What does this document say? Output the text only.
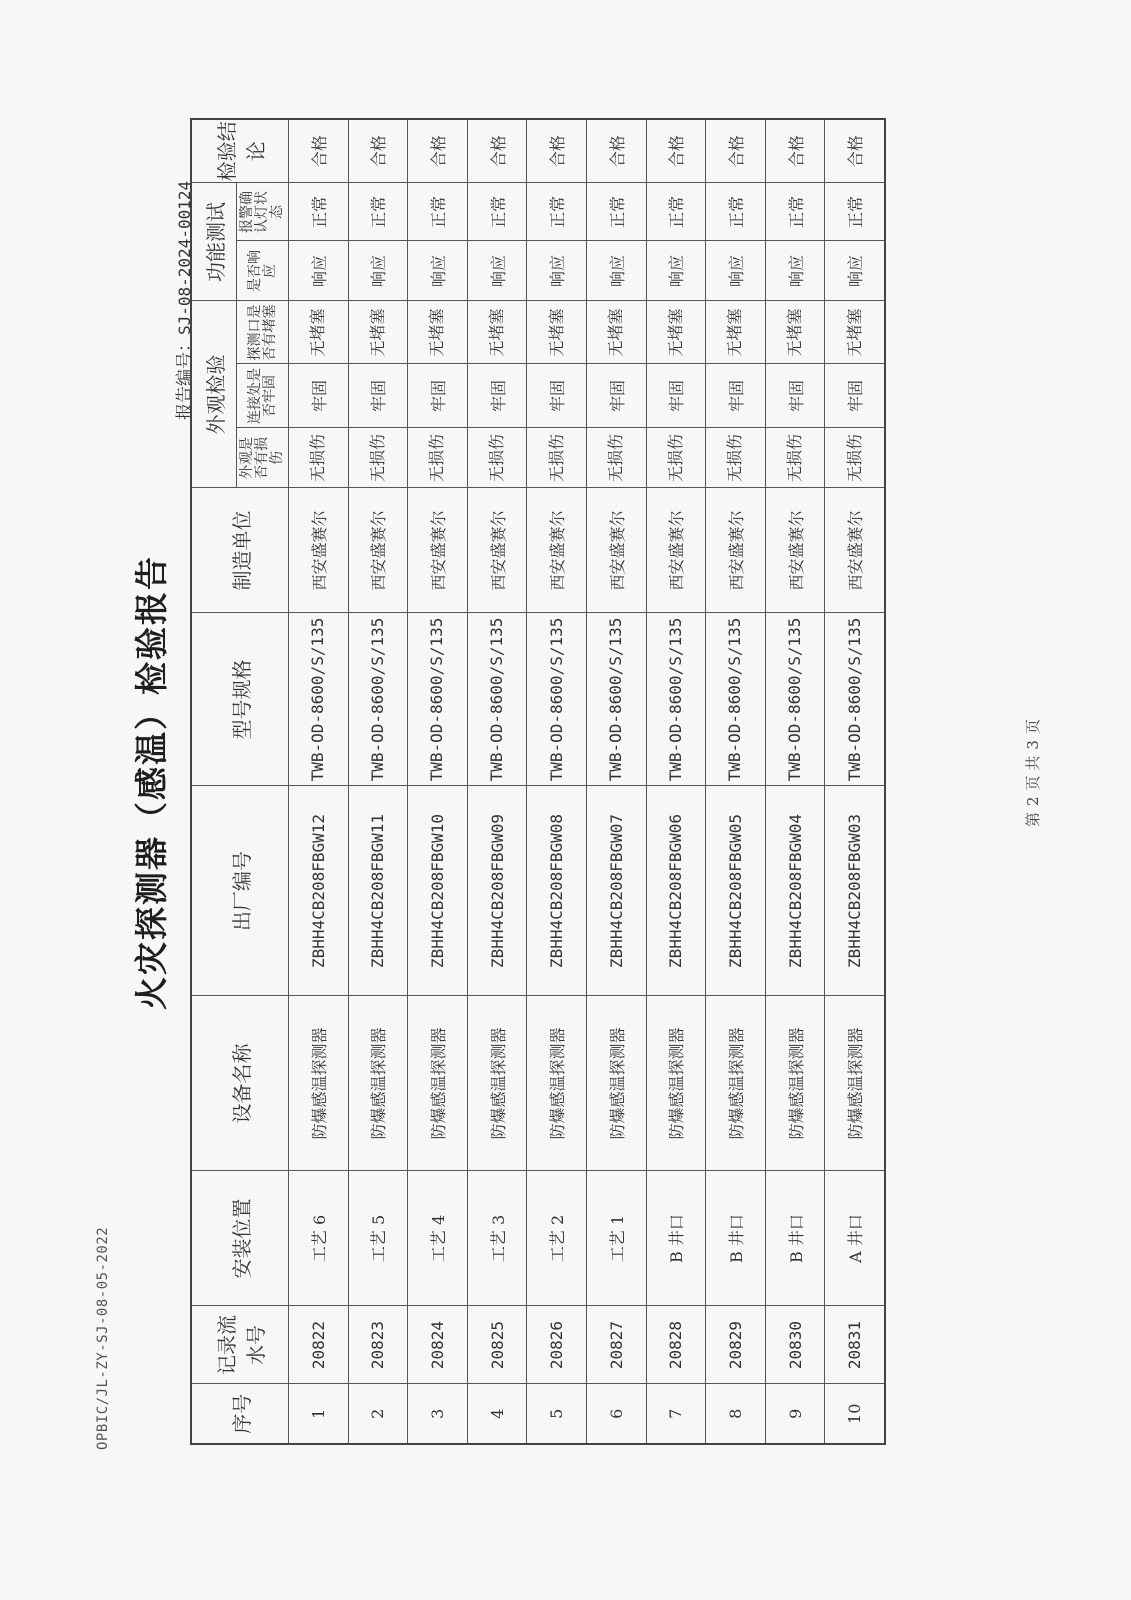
OPBIC/JL-ZY-SJ-08-05-2022
火灾探测器（感温）检验报告
报告编号：SJ-08-2024-00124
序号	记录流水号	安装位置	设备名称	出厂编号	型号规格	制造单位	外观检验			功能测试		检验结论
							外观是否有损伤	连接处是否牢固	探测口是否有堵塞	是否响应	报警确认灯状态	
1	20822	工艺 6	防爆感温探测器	ZBHH4CB208FBGW12	TWB-OD-8600/S/135	西安盛赛尔	无损伤	牢固	无堵塞	响应	正常	合格
2	20823	工艺 5	防爆感温探测器	ZBHH4CB208FBGW11	TWB-OD-8600/S/135	西安盛赛尔	无损伤	牢固	无堵塞	响应	正常	合格
3	20824	工艺 4	防爆感温探测器	ZBHH4CB208FBGW10	TWB-OD-8600/S/135	西安盛赛尔	无损伤	牢固	无堵塞	响应	正常	合格
4	20825	工艺 3	防爆感温探测器	ZBHH4CB208FBGW09	TWB-OD-8600/S/135	西安盛赛尔	无损伤	牢固	无堵塞	响应	正常	合格
5	20826	工艺 2	防爆感温探测器	ZBHH4CB208FBGW08	TWB-OD-8600/S/135	西安盛赛尔	无损伤	牢固	无堵塞	响应	正常	合格
6	20827	工艺 1	防爆感温探测器	ZBHH4CB208FBGW07	TWB-OD-8600/S/135	西安盛赛尔	无损伤	牢固	无堵塞	响应	正常	合格
7	20828	B 井口	防爆感温探测器	ZBHH4CB208FBGW06	TWB-OD-8600/S/135	西安盛赛尔	无损伤	牢固	无堵塞	响应	正常	合格
8	20829	B 井口	防爆感温探测器	ZBHH4CB208FBGW05	TWB-OD-8600/S/135	西安盛赛尔	无损伤	牢固	无堵塞	响应	正常	合格
9	20830	B 井口	防爆感温探测器	ZBHH4CB208FBGW04	TWB-OD-8600/S/135	西安盛赛尔	无损伤	牢固	无堵塞	响应	正常	合格
10	20831	A 井口	防爆感温探测器	ZBHH4CB208FBGW03	TWB-OD-8600/S/135	西安盛赛尔	无损伤	牢固	无堵塞	响应	正常	合格
第2页 共3页
